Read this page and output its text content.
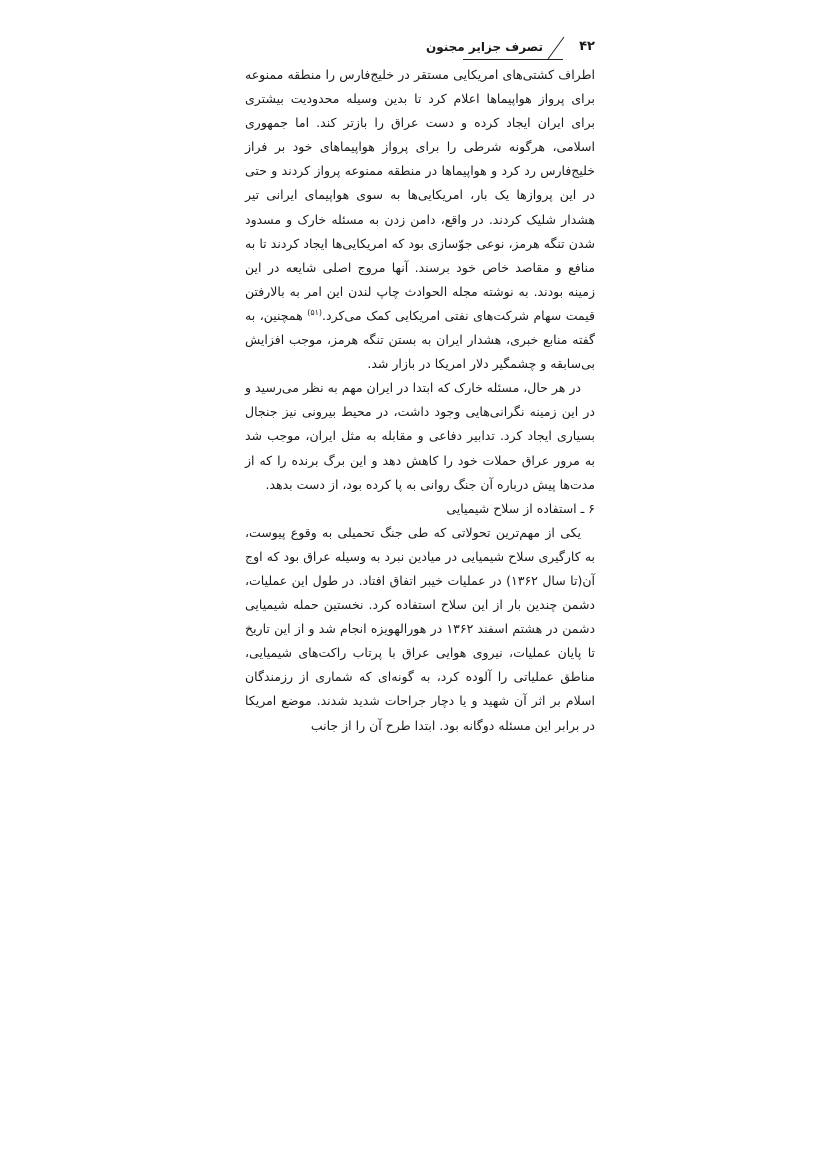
۴۲
تصرف جزایر مجنون

اطراف کشتی‌های امریکایی مستقر در خلیج‌فارس را منطقه ممنوعه برای پرواز هواپیماها اعلام کرد تا بدین وسیله محدودیت بیشتری برای ایران ایجاد کرده و دست عراق را بازتر کند. اما جمهوری اسلامی، هرگونه شرطی را برای پرواز هواپیماهای خود بر فراز خلیج‌فارس رد کرد و هواپیماها در منطقه ممنوعه پرواز کردند و حتی در این پروازها یک بار، امریکایی‌ها به سوی هواپیمای ایرانی تیر هشدار شلیک کردند. در واقع، دامن زدن به مسئله خارک و مسدود شدن تنگه هرمز، نوعی جوّسازی بود که امریکایی‌ها ایجاد کردند تا به منافع و مقاصد خاص خود برسند. آنها مروج اصلی شایعه در این زمینه بودند. به نوشته مجله الحوادث چاپ لندن این امر به بالارفتن قیمت سهام شرکت‌های نفتی امریکایی کمک می‌کرد.$^{(۵۱)}$ همچنین، به گفته منابع خبری، هشدار ایران به بستن تنگه هرمز، موجب افزایش بی‌سابقه و چشمگیر دلار امریکا در بازار شد.

در هر حال، مسئله خارک که ابتدا در ایران مهم به نظر می‌رسید و در این زمینه نگرانی‌هایی وجود داشت، در محیط بیرونی نیز جنجال بسیاری ایجاد کرد. تدابیر دفاعی و مقابله به مثل ایران، موجب شد به مرور عراق حملات خود را کاهش دهد و این برگ برنده را که از مدت‌ها پیش درباره آن جنگ روانی به پا کرده بود، از دست بدهد.

۶ ـ استفاده از سلاح شیمیایی

یکی از مهم‌ترین تحولاتی که طی جنگ تحمیلی به وقوع پیوست، به کارگیری سلاح شیمیایی در میادین نبرد به وسیله عراق بود که اوج آن(تا سال ۱۳۶۲) در عملیات خیبر اتفاق افتاد. در طول این عملیات، دشمن چندین بار از این سلاح استفاده کرد. نخستین حمله شیمیایی دشمن در هشتم اسفند ۱۳۶۲ در هورالهویزه انجام شد و از این تاریخ تا پایان عملیات، نیروی هوایی عراق با پرتاب راکت‌های شیمیایی، مناطق عملیاتی را آلوده کرد، به گونه‌ای که شماری از رزمندگان اسلام بر اثر آن شهید و یا دچار جراحات شدید شدند. موضع امریکا در برابر این مسئله دوگانه بود. ابتدا طرح آن را از جانب
